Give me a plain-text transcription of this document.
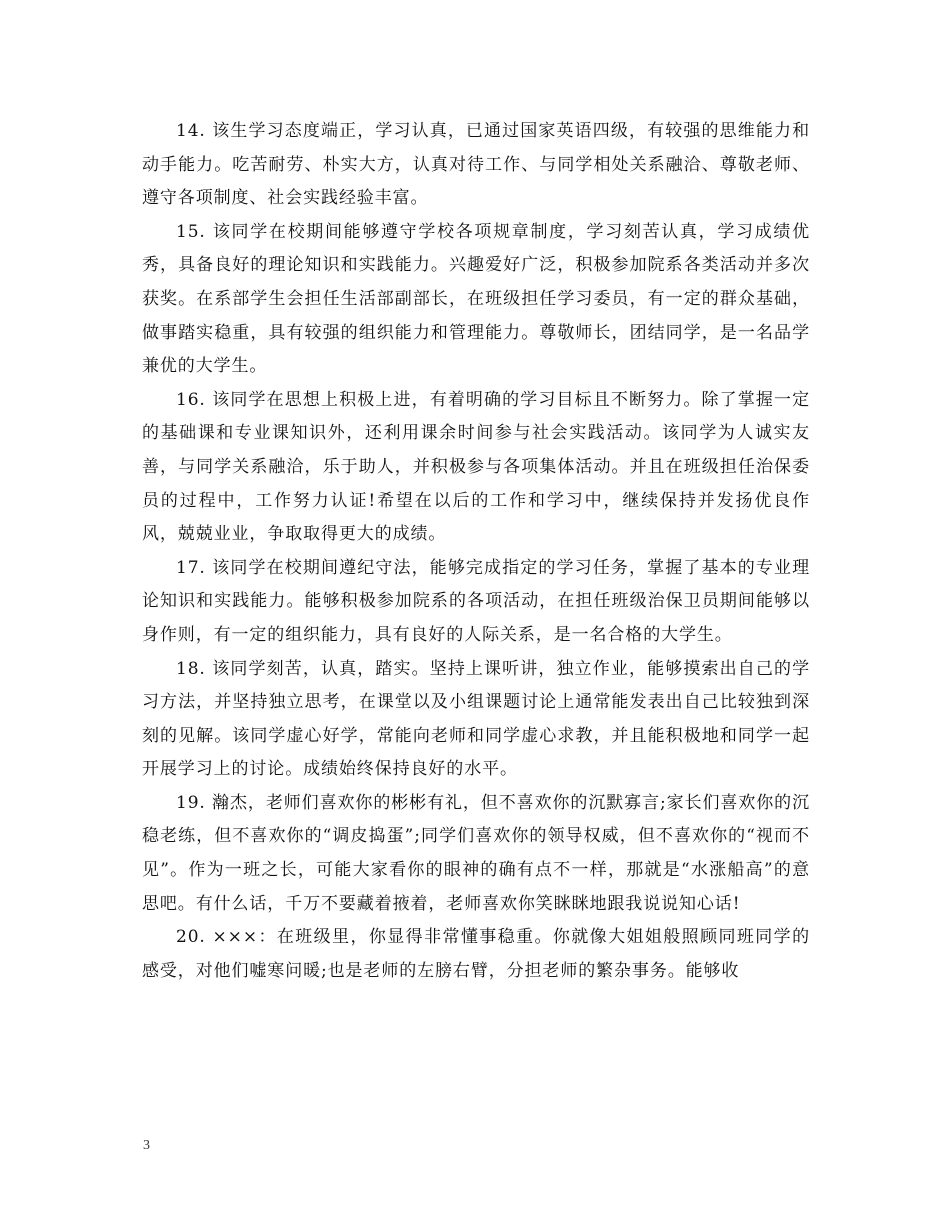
14. 该生学习态度端正，学习认真，已通过国家英语四级，有较强的思维能力和动手能力。吃苦耐劳、朴实大方，认真对待工作、与同学相处关系融洽、尊敬老师、遵守各项制度、社会实践经验丰富。

15. 该同学在校期间能够遵守学校各项规章制度，学习刻苦认真，学习成绩优秀，具备良好的理论知识和实践能力。兴趣爱好广泛，积极参加院系各类活动并多次获奖。在系部学生会担任生活部副部长，在班级担任学习委员，有一定的群众基础，做事踏实稳重，具有较强的组织能力和管理能力。尊敬师长，团结同学，是一名品学兼优的大学生。

16. 该同学在思想上积极上进，有着明确的学习目标且不断努力。除了掌握一定的基础课和专业课知识外，还利用课余时间参与社会实践活动。该同学为人诚实友善，与同学关系融洽，乐于助人，并积极参与各项集体活动。并且在班级担任治保委员的过程中，工作努力认证!希望在以后的工作和学习中，继续保持并发扬优良作风，兢兢业业，争取取得更大的成绩。

17. 该同学在校期间遵纪守法，能够完成指定的学习任务，掌握了基本的专业理论知识和实践能力。能够积极参加院系的各项活动，在担任班级治保卫员期间能够以身作则，有一定的组织能力，具有良好的人际关系，是一名合格的大学生。

18. 该同学刻苦，认真，踏实。坚持上课听讲，独立作业，能够摸索出自己的学习方法，并坚持独立思考，在课堂以及小组课题讨论上通常能发表出自己比较独到深刻的见解。该同学虚心好学，常能向老师和同学虚心求教，并且能积极地和同学一起开展学习上的讨论。成绩始终保持良好的水平。

19. 瀚杰，老师们喜欢你的彬彬有礼，但不喜欢你的沉默寡言;家长们喜欢你的沉稳老练，但不喜欢你的“调皮捣蛋”;同学们喜欢你的领导权威，但不喜欢你的“视而不见”。作为一班之长，可能大家看你的眼神的确有点不一样，那就是“水涨船高”的意思吧。有什么话，千万不要藏着掖着，老师喜欢你笑眯眯地跟我说说知心话!

20. ×××：在班级里，你显得非常懂事稳重。你就像大姐姐般照顾同班同学的感受，对他们嘘寒问暖;也是老师的左膀右臂，分担老师的繁杂事务。能够收

3
